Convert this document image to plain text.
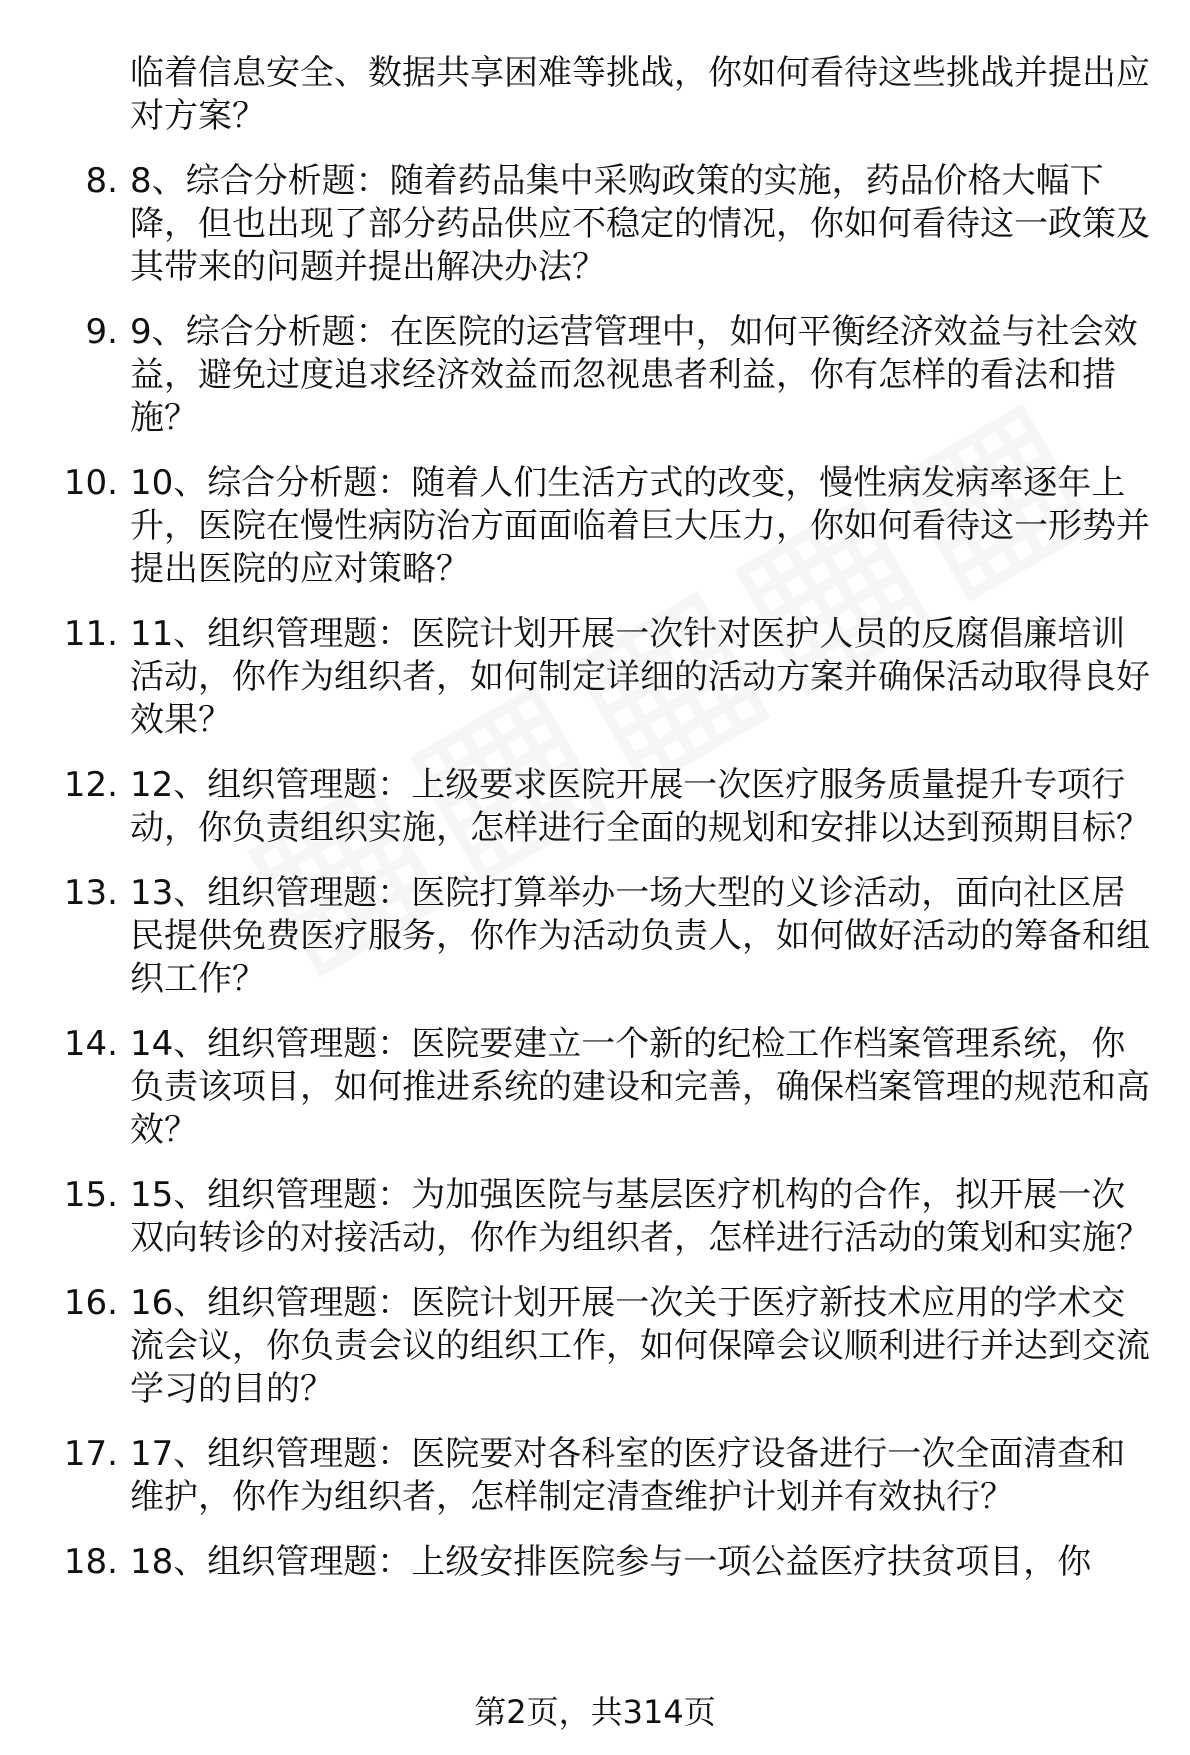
临着信息安全、数据共享困难等挑战，你如何看待这些挑战并提出应对方案？
8. 8、综合分析题：随着药品集中采购政策的实施，药品价格大幅下降，但也出现了部分药品供应不稳定的情况，你如何看待这一政策及其带来的问题并提出解决办法？
9. 9、综合分析题：在医院的运营管理中，如何平衡经济效益与社会效益，避免过度追求经济效益而忽视患者利益，你有怎样的看法和措施？
10. 10、综合分析题：随着人们生活方式的改变，慢性病发病率逐年上升，医院在慢性病防治方面面临着巨大压力，你如何看待这一形势并提出医院的应对策略？
11. 11、组织管理题：医院计划开展一次针对医护人员的反腐倡廉培训活动，你作为组织者，如何制定详细的活动方案并确保活动取得良好效果？
12. 12、组织管理题：上级要求医院开展一次医疗服务质量提升专项行动，你负责组织实施，怎样进行全面的规划和安排以达到预期目标？
13. 13、组织管理题：医院打算举办一场大型的义诊活动，面向社区居民提供免费医疗服务，你作为活动负责人，如何做好活动的筹备和组织工作？
14. 14、组织管理题：医院要建立一个新的纪检工作档案管理系统，你负责该项目，如何推进系统的建设和完善，确保档案管理的规范和高效？
15. 15、组织管理题：为加强医院与基层医疗机构的合作，拟开展一次双向转诊的对接活动，你作为组织者，怎样进行活动的策划和实施？
16. 16、组织管理题：医院计划开展一次关于医疗新技术应用的学术交流会议，你负责会议的组织工作，如何保障会议顺利进行并达到交流学习的目的？
17. 17、组织管理题：医院要对各科室的医疗设备进行一次全面清查和维护，你作为组织者，怎样制定清查维护计划并有效执行？
18. 18、组织管理题：上级安排医院参与一项公益医疗扶贫项目，你
第2页，共314页
